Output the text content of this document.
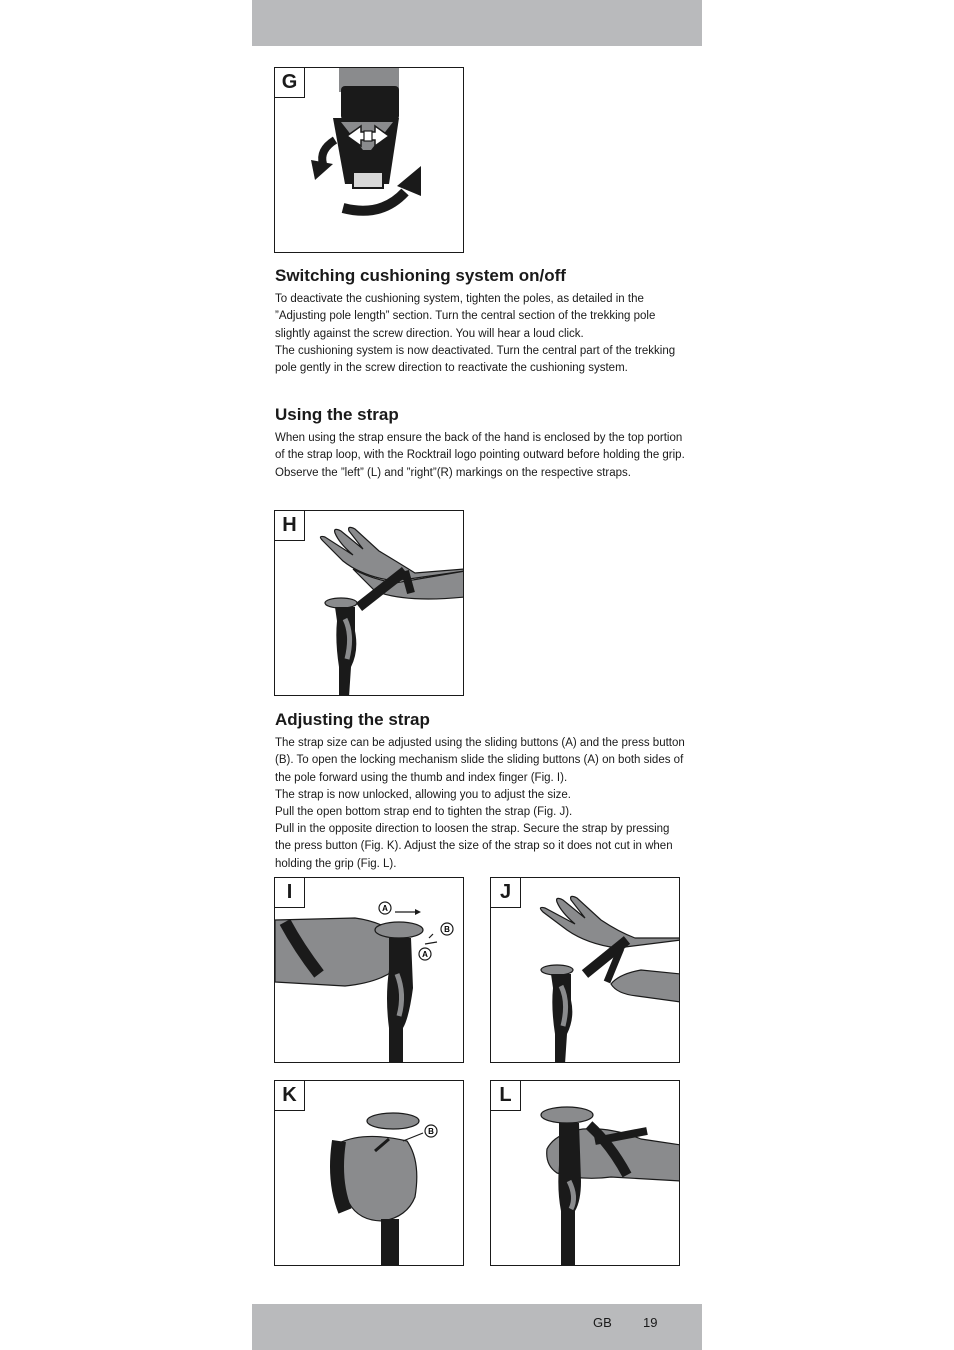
G
Switching cushioning system on/off

To deactivate the cushioning system, tighten the poles, as detailed in the ”Adjusting pole length” section. Turn the central section of the trekking pole slightly against the screw direction. You will hear a loud click.

The cushioning system is now deactivated. Turn the central part of the trekking pole gently in the screw direction to reactivate the cushioning system.

Using the strap

When using the strap ensure the back of the hand is enclosed by the top portion of the strap loop, with the Rocktrail logo pointing outward before holding the grip. Observe the ”left” (L) and ”right”(R) markings on the respective straps.

H
Adjusting the strap

The strap size can be adjusted using the sliding buttons (A) and the press button (B). To open the locking mechanism slide the sliding buttons (A) on both sides of the pole forward using the thumb and index finger (Fig. I).

The strap is now unlocked, allowing you to adjust the size.

Pull the open bottom strap end to tighten the strap (Fig. J).

Pull in the opposite direction to loosen the strap. Secure the strap by pressing the press button (Fig. K). Adjust the size of the strap so it does not cut in when holding the grip (Fig. L).

I
A
B
A
J
K
B
L
GB 19
